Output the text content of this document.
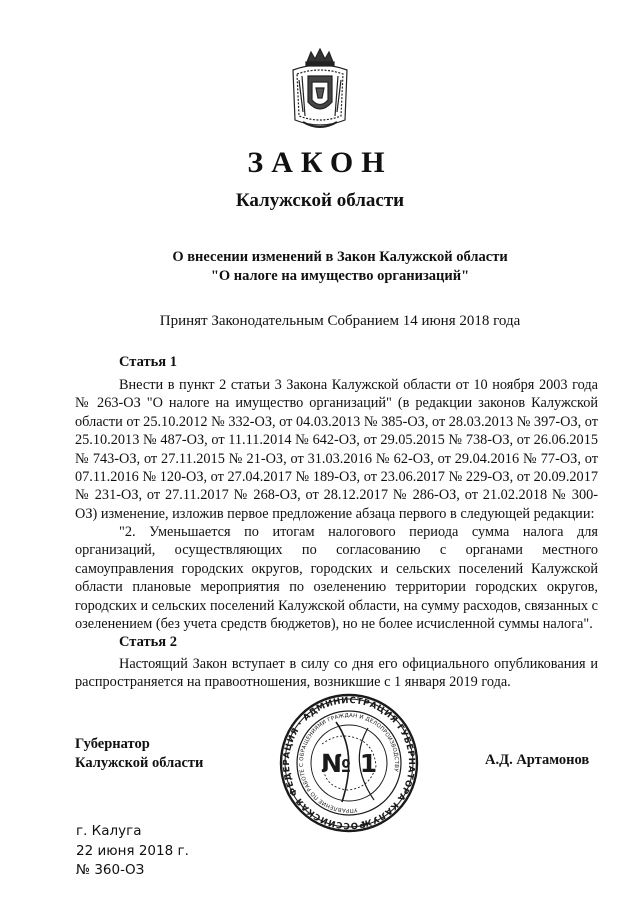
ЗАКОН
Калужской области
О внесении изменений в Закон Калужской области
"О налоге на имущество организаций"
Принят Законодательным Собранием 14 июня 2018 года
Статья 1

Внести в пункт 2 статьи 3 Закона Калужской области от 10 ноября 2003 года № 263-ОЗ "О налоге на имущество организаций" (в редакции законов Калужской области от 25.10.2012 № 332-ОЗ, от 04.03.2013 № 385-ОЗ, от 28.03.2013 № 397-ОЗ, от 25.10.2013 № 487-ОЗ, от 11.11.2014 № 642-ОЗ, от 29.05.2015 № 738-ОЗ, от 26.06.2015 № 743-ОЗ, от 27.11.2015 № 21-ОЗ, от 31.03.2016 № 62-ОЗ, от 29.04.2016 № 77-ОЗ, от 07.11.2016 № 120-ОЗ, от 27.04.2017 № 189-ОЗ, от 23.06.2017 № 229-ОЗ, от 20.09.2017 № 231-ОЗ, от 27.11.2017 № 268-ОЗ, от 28.12.2017 № 286-ОЗ, от 21.02.2018 № 300-ОЗ) изменение, изложив первое предложение абзаца первого в следующей редакции:

"2. Уменьшается по итогам налогового периода сумма налога для организаций, осуществляющих по согласованию с органами местного самоуправления городских округов, городских и сельских поселений Калужской области плановые мероприятия по озеленению территории городских округов, городских и сельских поселений Калужской области, на сумму расходов, связанных с озеленением (без учета средств бюджетов), но не более исчисленной суммы налога".

Статья 2

Настоящий Закон вступает в силу со дня его официального опубликования и распространяется на правоотношения, возникшие с 1 января 2019 года.

Губернатор
Калужской области	А.Д. Артамонов
РОССИЙСКАЯ ФЕДЕРАЦИЯ · АДМИНИСТРАЦИЯ ГУБЕРНАТОРА КАЛУЖСКОЙ
УПРАВЛЕНИЕ ПО РАБОТЕ С ОБРАЩЕНИЯМИ ГРАЖДАН И ДЕЛОПРОИЗВОДСТВУ
№ 1
г. Калуга
22 июня 2018 г.
№ 360-ОЗ
